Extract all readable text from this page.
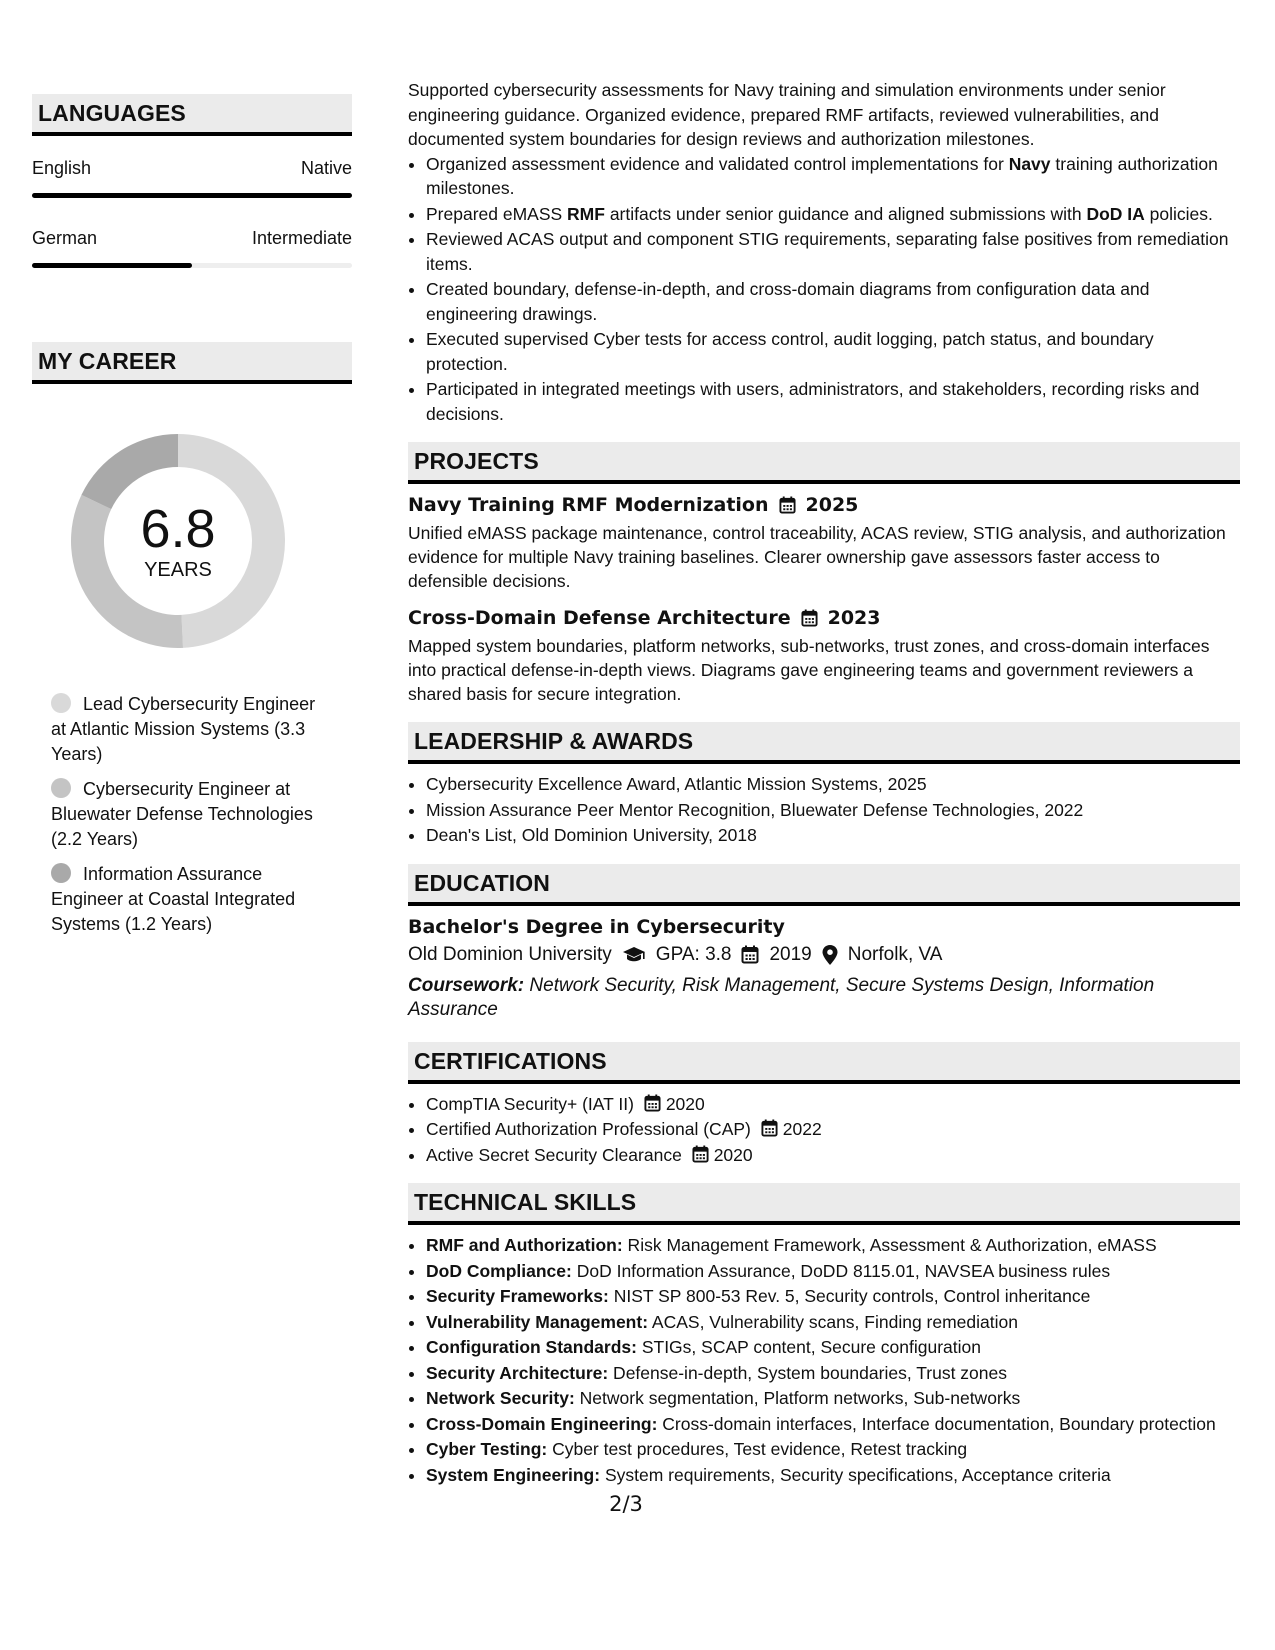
LANGUAGES
English	Native
German	Intermediate
MY CAREER
6.8
YEARS
Lead Cybersecurity Engineer at Atlantic Mission Systems (3.3 Years)
Cybersecurity Engineer at Bluewater Defense Technologies (2.2 Years)
Information Assurance Engineer at Coastal Integrated Systems (1.2 Years)

Supported cybersecurity assessments for Navy training and simulation environments under senior engineering guidance. Organized evidence, prepared RMF artifacts, reviewed vulnerabilities, and documented system boundaries for design reviews and authorization milestones.

• Organized assessment evidence and validated control implementations for Navy training authorization milestones.
• Prepared eMASS RMF artifacts under senior guidance and aligned submissions with DoD IA policies.
• Reviewed ACAS output and component STIG requirements, separating false positives from remediation items.
• Created boundary, defense-in-depth, and cross-domain diagrams from configuration data and engineering drawings.
• Executed supervised Cyber tests for access control, audit logging, patch status, and boundary protection.
• Participated in integrated meetings with users, administrators, and stakeholders, recording risks and decisions.
PROJECTS
Navy Training RMF Modernization 2025
Unified eMASS package maintenance, control traceability, ACAS review, STIG analysis, and authorization evidence for multiple Navy training baselines. Clearer ownership gave assessors faster access to defensible decisions.
Cross-Domain Defense Architecture 2023
Mapped system boundaries, platform networks, sub-networks, trust zones, and cross-domain interfaces into practical defense-in-depth views. Diagrams gave engineering teams and government reviewers a shared basis for secure integration.
LEADERSHIP & AWARDS
• Cybersecurity Excellence Award, Atlantic Mission Systems, 2025
• Mission Assurance Peer Mentor Recognition, Bluewater Defense Technologies, 2022
• Dean's List, Old Dominion University, 2018
EDUCATION
Bachelor's Degree in Cybersecurity
Old Dominion University GPA: 3.8 2019 Norfolk, VA
Coursework: Network Security, Risk Management, Secure Systems Design, Information Assurance
CERTIFICATIONS
• CompTIA Security+ (IAT II) 2020
• Certified Authorization Professional (CAP) 2022
• Active Secret Security Clearance 2020
TECHNICAL SKILLS
• RMF and Authorization: Risk Management Framework, Assessment & Authorization, eMASS
• DoD Compliance: DoD Information Assurance, DoDD 8115.01, NAVSEA business rules
• Security Frameworks: NIST SP 800-53 Rev. 5, Security controls, Control inheritance
• Vulnerability Management: ACAS, Vulnerability scans, Finding remediation
• Configuration Standards: STIGs, SCAP content, Secure configuration
• Security Architecture: Defense-in-depth, System boundaries, Trust zones
• Network Security: Network segmentation, Platform networks, Sub-networks
• Cross-Domain Engineering: Cross-domain interfaces, Interface documentation, Boundary protection
• Cyber Testing: Cyber test procedures, Test evidence, Retest tracking
• System Engineering: System requirements, Security specifications, Acceptance criteria
2/3
